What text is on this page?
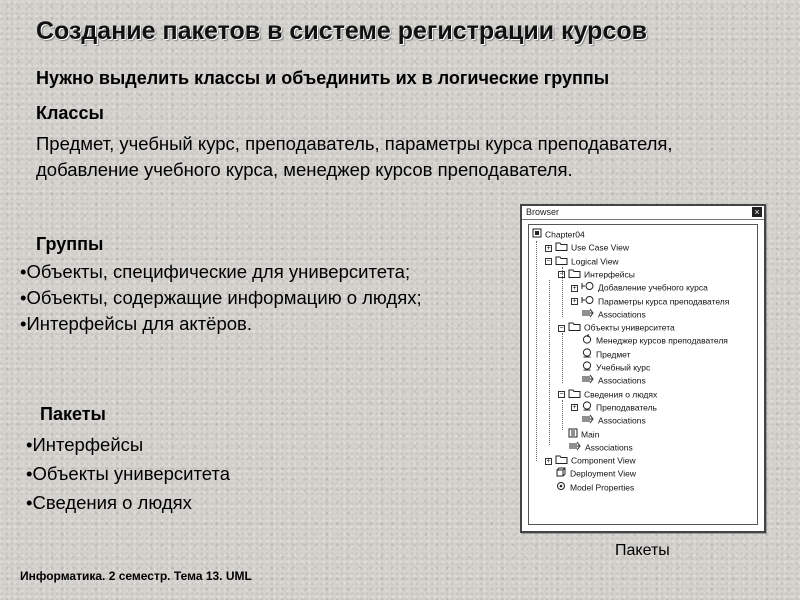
Создание пакетов в системе регистрации курсов
Нужно выделить классы и объединить их в логические группы
Классы
Предмет, учебный курс, преподаватель, параметры курса преподавателя, добавление учебного курса, менеджер курсов преподавателя.
Группы
•Объекты, специфические для университета;
•Объекты, содержащие информацию о людях;
•Интерфейсы для актёров.
Пакеты
•Интерфейсы
•Объекты университета
•Сведения о людях
Browser	×
Chapter04
+ Use Case View
− Logical View
− Интерфейсы
+	Добавление учебного курса
+	Параметры курса преподавателя
Associations
− Объекты университета
Менеджер курсов преподавателя
Предмет
Учебный курс
Associations
− Сведения о людях
+ Преподаватель
Associations
Main
Associations
+ Component View
Deployment View
Model Properties
Пакеты
Информатика. 2 семестр. Тема 13. UML
